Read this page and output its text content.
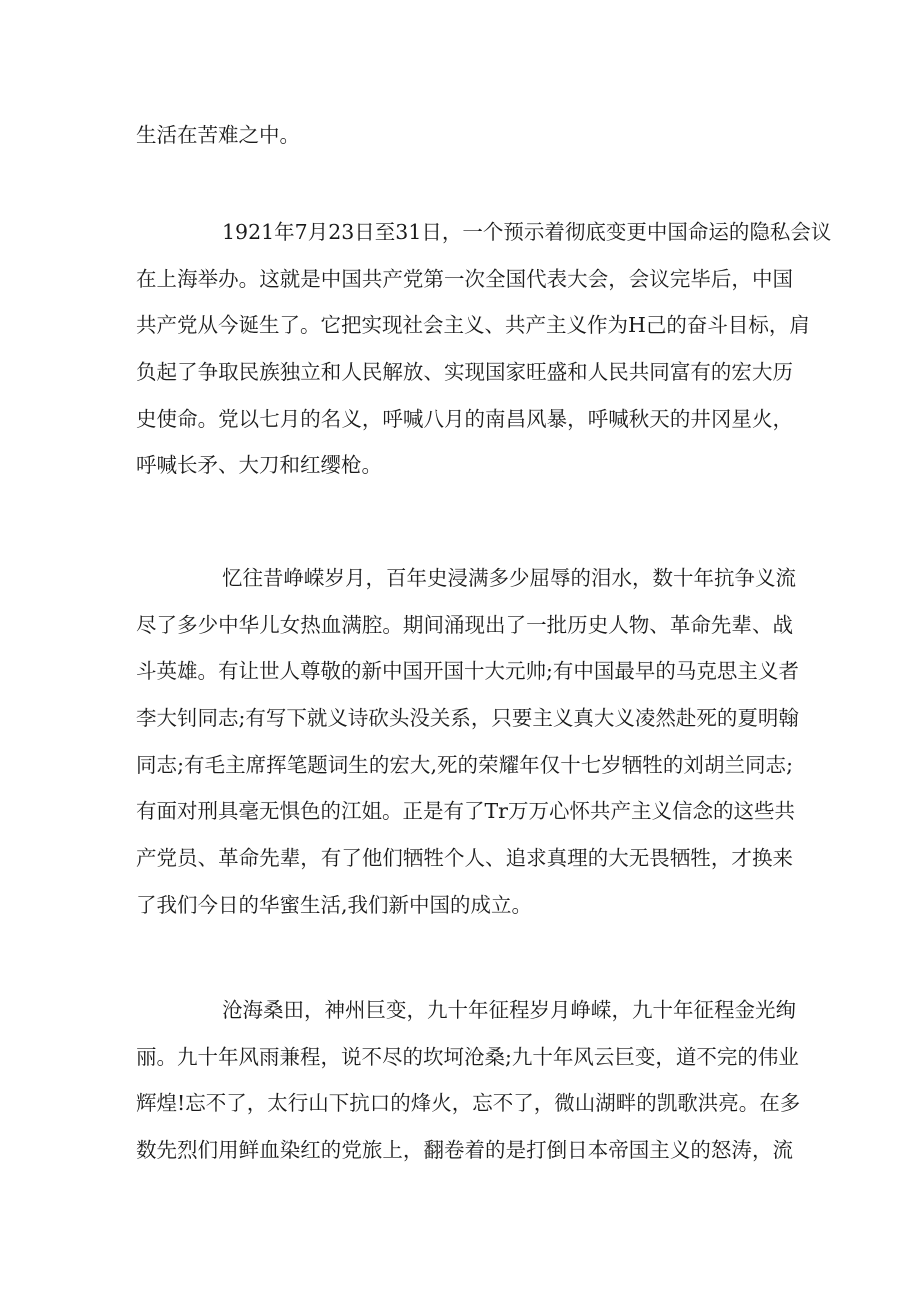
生活在苦难之中。
1921年7月23日至31日，一个预示着彻底变更中国命运的隐私会议
在上海举办。这就是中国共产党第一次全国代表大会，会议完毕后，中国
共产党从今诞生了。它把实现社会主义、共产主义作为H己的奋斗目标，肩
负起了争取民族独立和人民解放、实现国家旺盛和人民共同富有的宏大历
史使命。党以七月的名义，呼喊八月的南昌风暴，呼喊秋天的井冈星火，
呼喊长矛、大刀和红缨枪。
忆往昔峥嵘岁月，百年史浸满多少屈辱的泪水，数十年抗争义流
尽了多少中华儿女热血满腔。期间涌现出了一批历史人物、革命先辈、战
斗英雄。有让世人尊敬的新中国开国十大元帅;有中国最早的马克思主义者
李大钊同志;有写下就义诗砍头没关系，只要主义真大义凌然赴死的夏明翰
同志;有毛主席挥笔题词生的宏大,死的荣耀年仅十七岁牺牲的刘胡兰同志;
有面对刑具毫无惧色的江姐。正是有了Tr万万心怀共产主义信念的这些共
产党员、革命先辈，有了他们牺牲个人、追求真理的大无畏牺牲，才换来
了我们今日的华蜜生活,我们新中国的成立。
沧海桑田，神州巨变，九十年征程岁月峥嵘，九十年征程金光绚
丽。九十年风雨兼程，说不尽的坎坷沧桑;九十年风云巨变，道不完的伟业
辉煌!忘不了，太行山下抗口的烽火，忘不了，微山湖畔的凯歌洪亮。在多
数先烈们用鲜血染红的党旅上，翻卷着的是打倒日本帝国主义的怒涛，流
